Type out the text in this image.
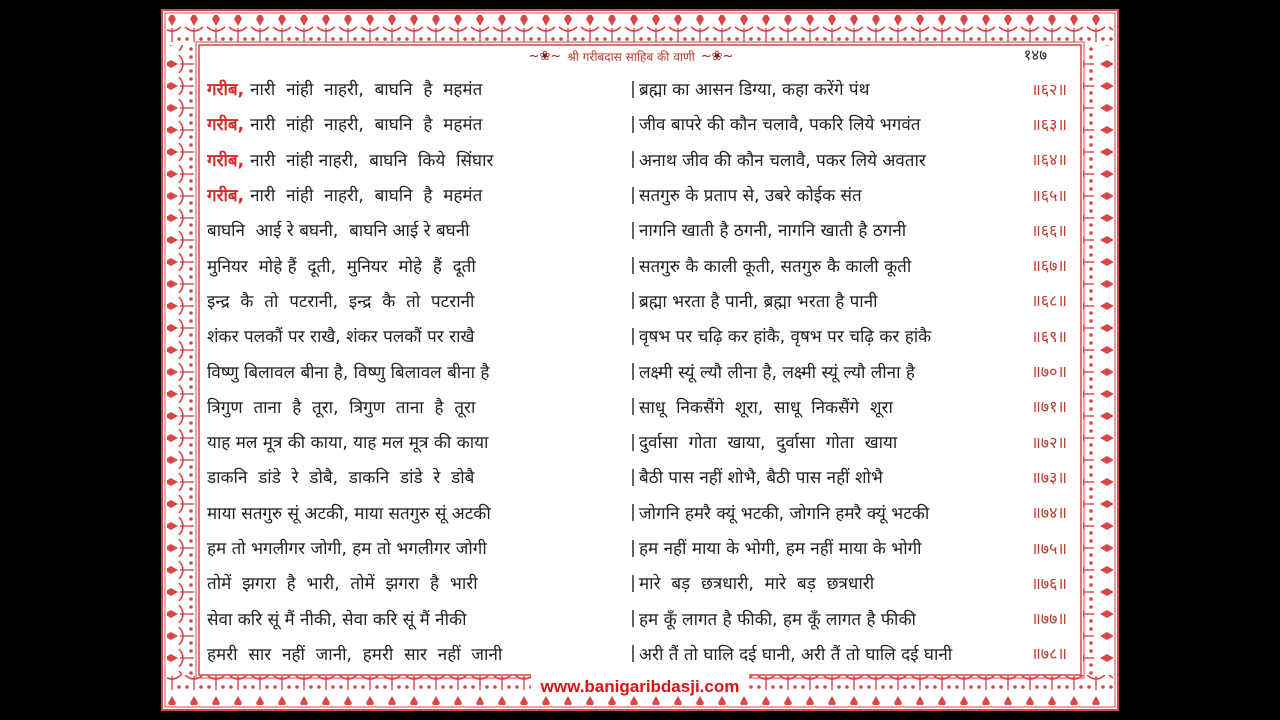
~❀~ श्री गरीबदास साहिब की वाणी ~❀~	१४७
गरीब, नारी  नांही  नाहरी,  बाघनि  है  महमंत	| ब्रह्मा का आसन डिग्या, कहा करेंगे पंथ	॥६२॥
गरीब, नारी  नांही  नाहरी,  बाघनि  है  महमंत	| जीव बापरे की कौन चलावै, पकरि लिये भगवंत	॥६३॥
गरीब, नारी  नांही नाहरी,  बाघनि  किये  सिंघार	| अनाथ जीव की कौन चलावै, पकर लिये अवतार	॥६४॥
गरीब, नारी  नांही  नाहरी,  बाघनि  है  महमंत	| सतगुरु के प्रताप से, उबरे कोईक संत	॥६५॥
बाघनि  आई रे बघनी,  बाघनि आई रे बघनी	| नागनि खाती है ठगनी, नागनि खाती है ठगनी	॥६६॥
मुनियर  मोहे हैं  दूती,  मुनियर  मोहे  हैं  दूती	| सतगुरु कै काली कूती, सतगुरु कै काली कूती	॥६७॥
इन्द्र  कै  तो  पटरानी,  इन्द्र  कै  तो  पटरानी	| ब्रह्मा भरता है पानी, ब्रह्मा भरता है पानी	॥६८॥
शंकर पलकौं पर राखै, शंकर पलकौं पर राखै	| वृषभ पर चढ़ि कर हांकै, वृषभ पर चढ़ि कर हांकै	॥६९॥
विष्णु बिलावल बीना है, विष्णु बिलावल बीना है	| लक्ष्मी स्यूं ल्यौ लीना है, लक्ष्मी स्यूं ल्यौ लीना है	॥७०॥
त्रिगुण  ताना  है  तूरा,  त्रिगुण  ताना  है  तूरा	| साधू  निकसैंगे  शूरा,  साधू  निकसैंगे  शूरा	॥७१॥
याह मल मूत्र की काया, याह मल मूत्र की काया	| दुर्वासा  गोता  खाया,  दुर्वासा  गोता  खाया	॥७२॥
डाकनि  डांडे  रे  डोबै,  डाकनि  डांडे  रे  डोबै	| बैठी पास नहीं शोभै, बैठी पास नहीं शोभै	॥७३॥
माया सतगुरु सूं अटकी, माया सतगुरु सूं अटकी	| जोगनि हमरै क्यूं भटकी, जोगनि हमरै क्यूं भटकी	॥७४॥
हम तो भगलीगर जोगी, हम तो भगलीगर जोगी	| हम नहीं माया के भोगी, हम नहीं माया के भोगी	॥७५॥
तोमें  झगरा  है  भारी,  तोमें  झगरा  है  भारी	| मारे  बड़  छत्रधारी,  मारे  बड़  छत्रधारी	॥७६॥
सेवा करि सूं मैं नीकी, सेवा करि सूं मैं नीकी	| हम कूँ लागत है फीकी, हम कूँ लागत है फीकी	॥७७॥
हमरी  सार  नहीं  जानी,  हमरी  सार  नहीं  जानी	| अरी तैं तो घालि दई घानी, अरी तैं तो घालि दई घानी	॥७८॥
www.banigaribdasji.com
